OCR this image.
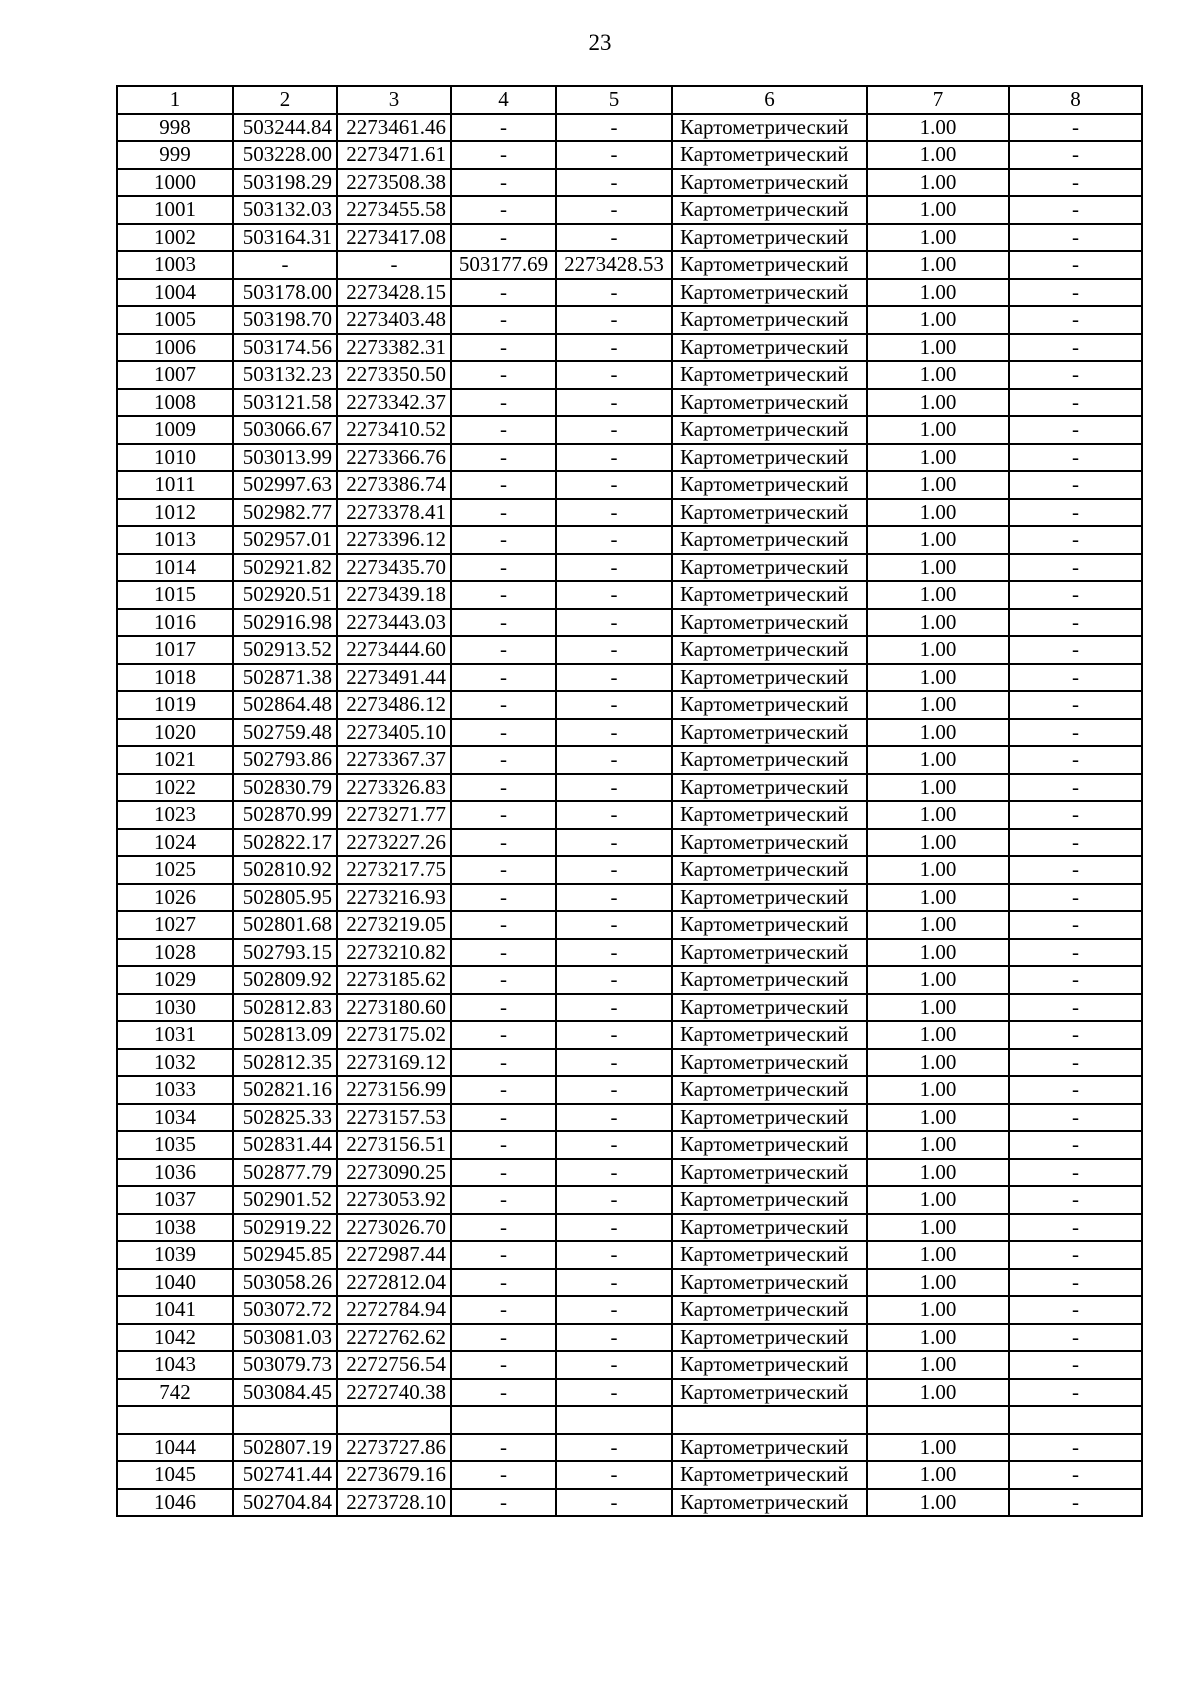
23
1	2	3	4	5	6	7	8
998	503244.84	2273461.46	-	-	Картометрический	1.00	-
999	503228.00	2273471.61	-	-	Картометрический	1.00	-
1000	503198.29	2273508.38	-	-	Картометрический	1.00	-
1001	503132.03	2273455.58	-	-	Картометрический	1.00	-
1002	503164.31	2273417.08	-	-	Картометрический	1.00	-
1003	-	-	503177.69	2273428.53	Картометрический	1.00	-
1004	503178.00	2273428.15	-	-	Картометрический	1.00	-
1005	503198.70	2273403.48	-	-	Картометрический	1.00	-
1006	503174.56	2273382.31	-	-	Картометрический	1.00	-
1007	503132.23	2273350.50	-	-	Картометрический	1.00	-
1008	503121.58	2273342.37	-	-	Картометрический	1.00	-
1009	503066.67	2273410.52	-	-	Картометрический	1.00	-
1010	503013.99	2273366.76	-	-	Картометрический	1.00	-
1011	502997.63	2273386.74	-	-	Картометрический	1.00	-
1012	502982.77	2273378.41	-	-	Картометрический	1.00	-
1013	502957.01	2273396.12	-	-	Картометрический	1.00	-
1014	502921.82	2273435.70	-	-	Картометрический	1.00	-
1015	502920.51	2273439.18	-	-	Картометрический	1.00	-
1016	502916.98	2273443.03	-	-	Картометрический	1.00	-
1017	502913.52	2273444.60	-	-	Картометрический	1.00	-
1018	502871.38	2273491.44	-	-	Картометрический	1.00	-
1019	502864.48	2273486.12	-	-	Картометрический	1.00	-
1020	502759.48	2273405.10	-	-	Картометрический	1.00	-
1021	502793.86	2273367.37	-	-	Картометрический	1.00	-
1022	502830.79	2273326.83	-	-	Картометрический	1.00	-
1023	502870.99	2273271.77	-	-	Картометрический	1.00	-
1024	502822.17	2273227.26	-	-	Картометрический	1.00	-
1025	502810.92	2273217.75	-	-	Картометрический	1.00	-
1026	502805.95	2273216.93	-	-	Картометрический	1.00	-
1027	502801.68	2273219.05	-	-	Картометрический	1.00	-
1028	502793.15	2273210.82	-	-	Картометрический	1.00	-
1029	502809.92	2273185.62	-	-	Картометрический	1.00	-
1030	502812.83	2273180.60	-	-	Картометрический	1.00	-
1031	502813.09	2273175.02	-	-	Картометрический	1.00	-
1032	502812.35	2273169.12	-	-	Картометрический	1.00	-
1033	502821.16	2273156.99	-	-	Картометрический	1.00	-
1034	502825.33	2273157.53	-	-	Картометрический	1.00	-
1035	502831.44	2273156.51	-	-	Картометрический	1.00	-
1036	502877.79	2273090.25	-	-	Картометрический	1.00	-
1037	502901.52	2273053.92	-	-	Картометрический	1.00	-
1038	502919.22	2273026.70	-	-	Картометрический	1.00	-
1039	502945.85	2272987.44	-	-	Картометрический	1.00	-
1040	503058.26	2272812.04	-	-	Картометрический	1.00	-
1041	503072.72	2272784.94	-	-	Картометрический	1.00	-
1042	503081.03	2272762.62	-	-	Картометрический	1.00	-
1043	503079.73	2272756.54	-	-	Картометрический	1.00	-
742	503084.45	2272740.38	-	-	Картометрический	1.00	-

1044	502807.19	2273727.86	-	-	Картометрический	1.00	-
1045	502741.44	2273679.16	-	-	Картометрический	1.00	-
1046	502704.84	2273728.10	-	-	Картометрический	1.00	-
